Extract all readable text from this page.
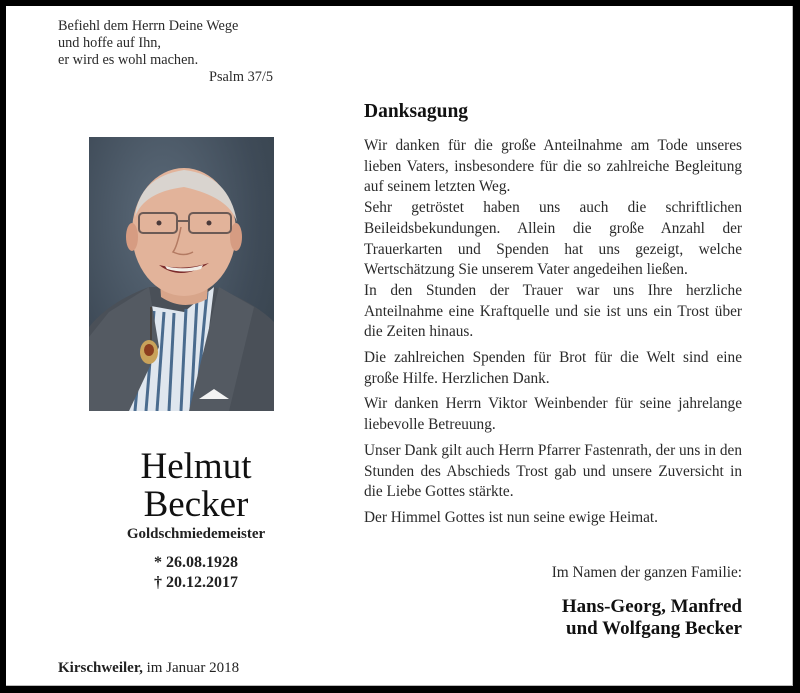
Befiehl dem Herrn Deine Wege
und hoffe auf Ihn,
er wird es wohl machen.
Psalm 37/5
Helmut
Becker
Goldschmiedemeister
* 26.08.1928
† 20.12.2017
Kirschweiler, im Januar 2018
Danksagung

Wir danken für die große Anteilnahme am Tode unseres lieben Vaters, insbesondere für die so zahlreiche Begleitung auf seinem letzten Weg.

Sehr getröstet haben uns auch die schriftlichen Beileidsbekundungen. Allein die große Anzahl der Trauerkarten und Spenden hat uns gezeigt, welche Wertschätzung Sie unserem Vater angedeihen ließen.

In den Stunden der Trauer war uns Ihre herzliche Anteilnahme eine Kraftquelle und sie ist uns ein Trost über die Zeiten hinaus.

Die zahlreichen Spenden für Brot für die Welt sind eine große Hilfe. Herzlichen Dank.

Wir danken Herrn Viktor Weinbender für seine jahrelange liebevolle Betreuung.

Unser Dank gilt auch Herrn Pfarrer Fastenrath, der uns in den Stunden des Abschieds Trost gab und unsere Zuversicht in die Liebe Gottes stärkte.

Der Himmel Gottes ist nun seine ewige Heimat.

Im Namen der ganzen Familie:
Hans-Georg, Manfred
und Wolfgang Becker
